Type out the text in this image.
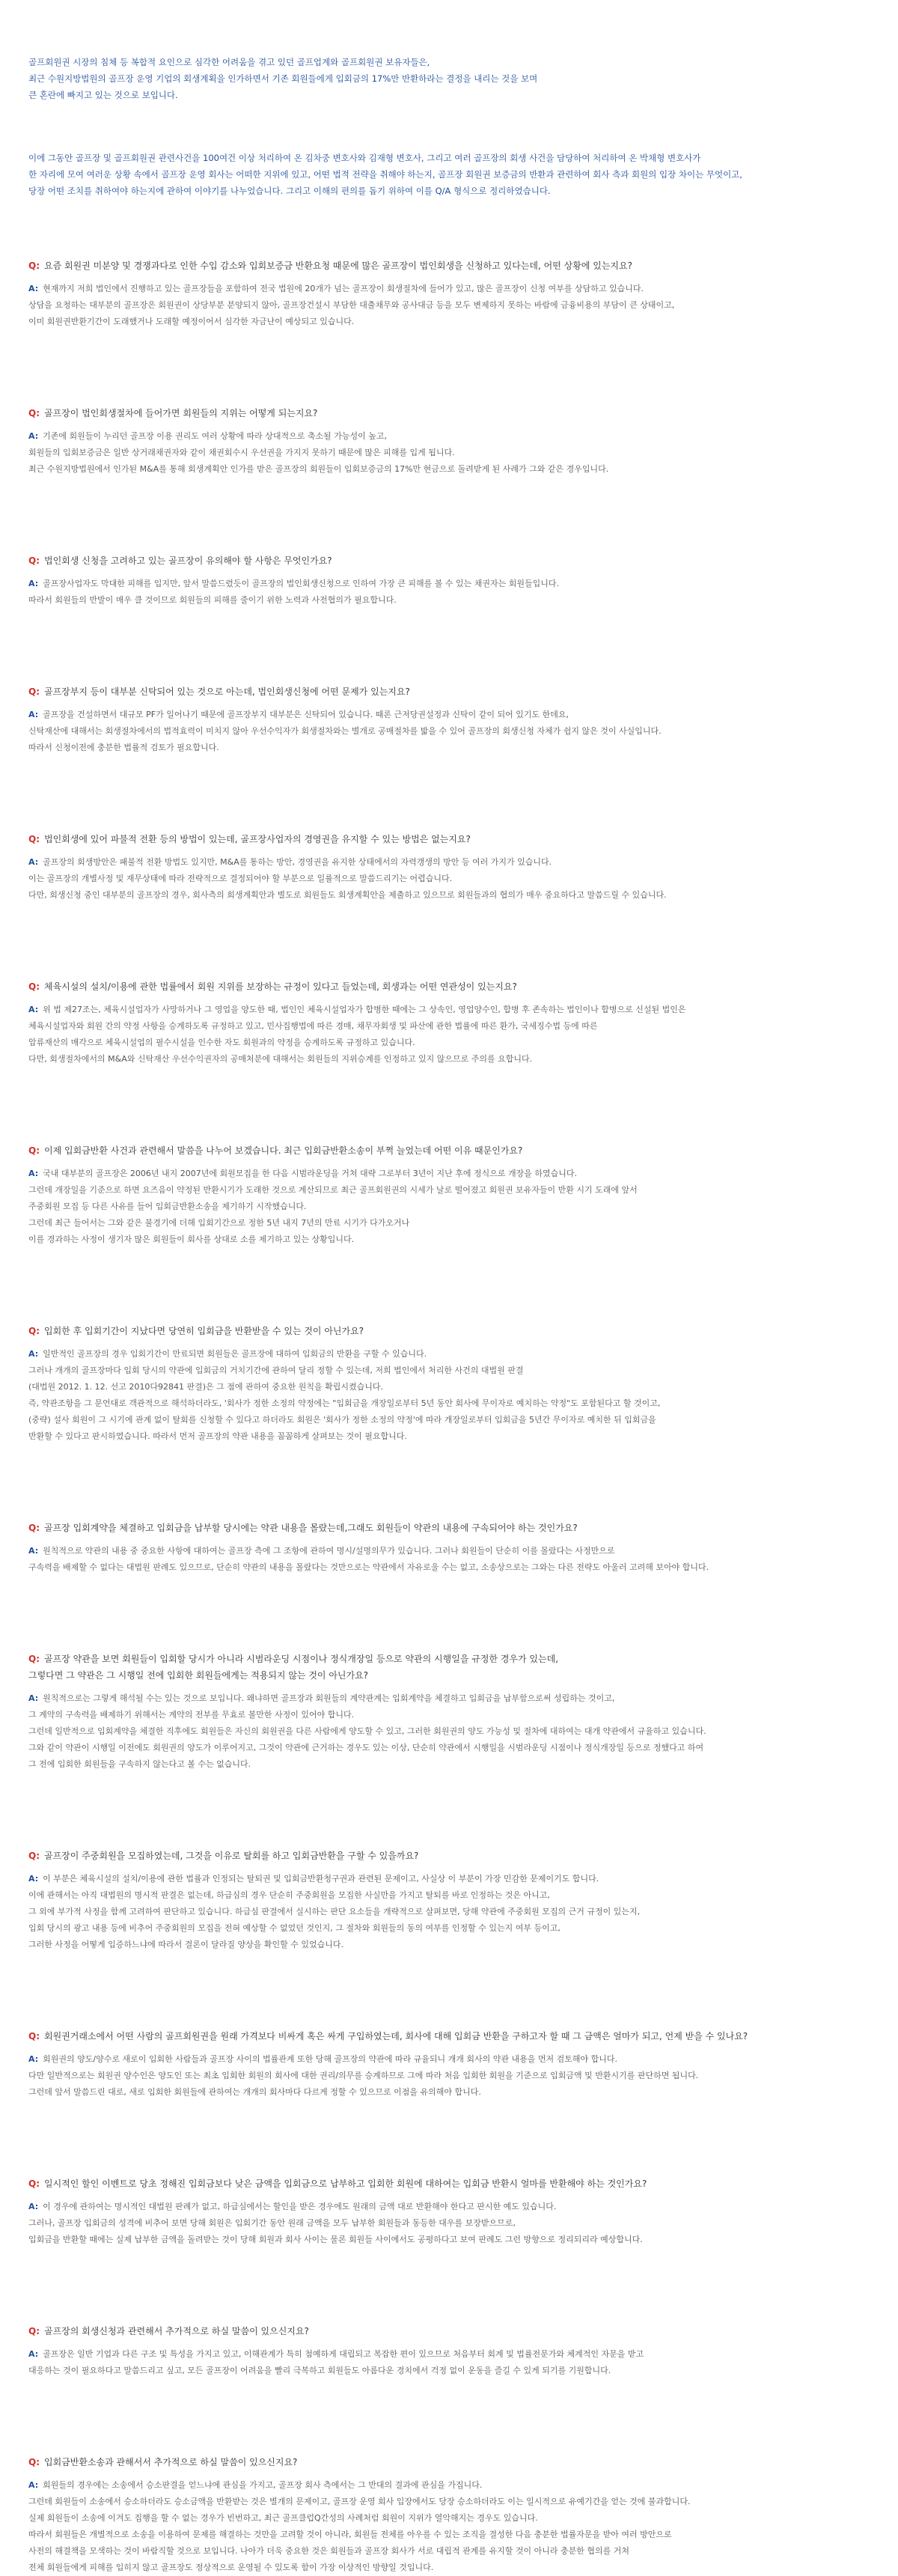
골프회원권 시장의 침체 등 복합적 요인으로 심각한 어려움을 겪고 있던 골프업계와 골프회원권 보유자들은,
최근 수원지방법원의 골프장 운영 기업의 회생계획을 인가하면서 기존 회원들에게 입회금의 17%만 반환하라는 결정을 내리는 것을 보며
큰 혼란에 빠지고 있는 것으로 보입니다.

이에 그동안 골프장 및 골프회원권 관련사건을 100여건 이상 처리하여 온 김차중 변호사와 김재형 변호사, 그리고 여러 골프장의 회생 사건을 담당하여 처리하여 온 박채형 변호사가
한 자리에 모여 여러운 상황 속에서 골프장 운영 회사는 어떠한 지위에 있고, 어떤 법적 전략을 취해야 하는지, 골프장 회원권 보증금의 반환과 관련하여 회사 측과 회원의 입장 차이는 무엇이고,
당장 어떤 조치를 취하여야 하는지에 관하여 이야기를 나누었습니다. 그리고 이해의 편의를 돕기 위하여 이를 Q/A 형식으로 정리하였습니다.

Q: 요즘 회원권 미분양 및 경쟁과다로 인한 수입 감소와 입회보증금 반환요청 때문에 많은 골프장이 법인회생을 신청하고 있다는데, 어떤 상황에 있는지요?

A: 현재까지 저희 법인에서 진행하고 있는 골프장들을 포함하여 전국 법원에 20개가 넘는 골프장이 회생절차에 들어가 있고, 많은 골프장이 신청 여부를 상담하고 있습니다.
상담을 요청하는 대부분의 골프장은 회원권이 상당부분 분양되지 않아, 골프장건설시 부담한 대출채무와 공사대금 등을 모두 변제하지 못하는 바람에 금융비용의 부담이 큰 상태이고,
이미 회원권반환기간이 도래했거나 도래할 예정이어서 심각한 자금난이 예상되고 있습니다.

Q: 골프장이 법인회생절차에 들어가면 회원들의 지위는 어떻게 되는지요?

A: 기존에 회원들이 누리던 골프장 이용 권리도 여러 상황에 따라 상대적으로 축소될 가능성이 높고,
회원들의 입회보증금은 일반 상거래채권자와 같이 채권회수시 우선권을 가지지 못하기 때문에 많은 피해를 입게 됩니다.
최근 수원지방법원에서 인가된 M&A를 통해 회생계획안 인가를 받은 골프장의 회원들이 입회보증금의 17%만 현금으로 돌려받게 된 사례가 그와 같은 경우입니다.

Q: 법인회생 신청을 고려하고 있는 골프장이 유의해야 할 사항은 무엇인가요?

A: 골프장사업자도 막대한 피해를 입지만, 앞서 말씀드렸듯이 골프장의 법인회생신청으로 인하여 가장 큰 피해를 볼 수 있는 채권자는 회원들입니다.
따라서 회원들의 반발이 매우 클 것이므로 회원들의 피해를 줄이기 위한 노력과 사전협의가 필요합니다.

Q: 골프장부지 등이 대부분 신탁되어 있는 것으로 아는데, 법인회생신청에 어떤 문제가 있는지요?

A: 골프장을 건설하면서 대규모 PF가 일어나기 때문에 골프장부지 대부분은 신탁되어 있습니다. 때론 근저당권설정과 신탁이 같이 되어 있기도 한데요,
신탁재산에 대해서는 회생절차에서의 법적효력이 미치지 않아 우선수익자가 회생절차와는 별개로 공매절차를 밟을 수 있어 골프장의 회생신청 자체가 쉽지 않은 것이 사실입니다.
따라서 신청이전에 충분한 법률적 검토가 필요합니다.

Q: 법인회생에 있어 파불적 전환 등의 방법이 있는데, 골프장사업자의 경영권을 유지할 수 있는 방법은 없는지요?

A: 골프장의 회생방안은 패불적 전환 방법도 있지만, M&A를 통하는 방안, 경영권을 유지한 상태에서의 자력갱생의 방안 등 여러 가지가 있습니다.
이는 골프장의 개별사정 및 재무상태에 따라 전략적으로 결정되어야 할 부분으로 일률적으로 말씀드리기는 어렵습니다.
다만, 회생신청 중인 대부분의 골프장의 경우, 회사측의 회생계획안과 별도로 회원들도 회생계획안을 제출하고 있으므로 회원들과의 협의가 매우 중요하다고 말씀드릴 수 있습니다.

Q: 체육시설의 설치/이용에 관한 법률에서 회원 지위를 보장하는 규정이 있다고 들었는데, 회생과는 어떤 연관성이 있는지요?

A: 위 법 제27조는, 체육시설업자가 사망하거나 그 영업을 양도한 때, 법인인 체육시설업자가 합병한 때에는 그 상속인, 영업양수인, 합병 후 존속하는 법인이나 합병으로 신설된 법인은
체육시설업자와 회원 간의 약정 사항을 승계하도록 규정하고 있고, 민사집행법에 따른 경매, 채무자회생 및 파산에 관한 법률에 따른 환가, 국세징수법 등에 따른
압류재산의 매각으로 체육시설업의 필수시설을 인수한 자도 회원과의 약정을 승계하도록 규정하고 있습니다.
다만, 회생절차에서의 M&A와 신탁재산 우선수익권자의 공매처분에 대해서는 회원들의 지위승계를 인정하고 있지 않으므로 주의를 요합니다.

Q: 이제 입회금반환 사건과 관련해서 말씀을 나누어 보겠습니다. 최근 입회금반환소송이 부쩍 늘었는데 어떤 이유 때문인가요?

A: 국내 대부분의 골프장은 2006년 내지 2007년에 회원모집을 한 다음 시범라운딩을 거쳐 대략 그로부터 3년이 지난 후에 정식으로 개장을 하였습니다.
그런데 개장일을 기준으로 하면 요즈음이 약정된 반환시기가 도래한 것으로 계산되므로 최근 골프회원권의 시세가 날로 떨어졌고 회원권 보유자들이 반환 시기 도래에 앞서
주중회원 모집 등 다른 사유를 들어 입회금반환소송을 제기하기 시작했습니다.
그런데 최근 들어서는 그와 같은 불경기에 더해 입회기간으로 정한 5년 내지 7년의 만료 시기가 다가오거나
이를 경과하는 사정이 생기자 많은 회원들이 회사를 상대로 소를 제기하고 있는 상황입니다.

Q: 입회한 후 입회기간이 지났다면 당연히 입회금을 반환받을 수 있는 것이 아닌가요?

A: 일반적인 골프장의 경우 입회기간이 만료되면 회원들은 골프장에 대하여 입회금의 반환을 구할 수 있습니다.
그러나 개개의 골프장마다 입회 당시의 약관에 입회금의 거치기간에 관하여 달리 정할 수 있는데, 저희 법인에서 처리한 사건의 대법원 판결
(대법원 2012. 1. 12. 선고 2010다92841 판결)은 그 점에 관하여 중요한 원칙을 확립시켰습니다.
즉, 약관조항을 그 문언대로 객관적으로 해석하더라도, '회사가 정한 소정의 약정에는 "입회금을 개장일로부터 5년 동안 회사에 무이자로 예치하는 약정"도 포함된다고 할 것이고,
(중략) 설사 회원이 그 시기에 관계 없이 탈회를 신청할 수 있다고 하더라도 회원은 '회사가 정한 소정의 약정'에 따라 개장일로부터 입회금을 5년간 무이자로 예치한 뒤 입회금을
반환할 수 있다고 판시하였습니다. 따라서 먼저 골프장의 약관 내용을 꼼꼼하게 살펴보는 것이 필요합니다.

Q: 골프장 입회계약을 체결하고 입회금을 납부할 당시에는 약관 내용을 몰랐는데,그래도 회원들이 약관의 내용에 구속되어야 하는 것인가요?

A: 원칙적으로 약관의 내용 중 중요한 사항에 대하여는 골프장 측에 그 조항에 관하여 명시/설명의무가 있습니다. 그러나 회원들이 단순히 이를 몰랐다는 사정만으로
구속력을 배제할 수 없다는 대법원 판례도 있으므로, 단순히 약관의 내용을 몰랐다는 것만으로는 약관에서 자유로울 수는 없고, 소송상으로는 그와는 다른 전략도 아울러 고려해 보아야 합니다.

Q: 골프장 약관을 보면 회원들이 입회할 당시가 아니라 시범라운딩 시점이나 정식개장일 등으로 약관의 시행일을 규정한 경우가 있는데,
그렇다면 그 약관은 그 시행일 전에 입회한 회원들에게는 적용되지 않는 것이 아닌가요?

A: 원칙적으로는 그렇게 해석될 수는 있는 것으로 보입니다. 왜냐하면 골프장과 회원들의 계약관계는 입회계약을 체결하고 입회금을 납부함으로써 성립하는 것이고,
그 계약의 구속력을 배제하기 위해서는 계약의 전부를 무효로 볼만한 사정이 있어야 합니다.
그런데 일반적으로 입회계약을 체결한 직후에도 회원들은 자신의 회원권을 다른 사람에게 양도할 수 있고, 그러한 회원권의 양도 가능성 및 절차에 대하여는 대개 약관에서 규율하고 있습니다.
그와 같이 약관이 시행일 이전에도 회원권의 양도가 이루어지고, 그것이 약관에 근거하는 경우도 있는 이상, 단순히 약관에서 시행일을 시범라운딩 시점이나 정식개장일 등으로 정했다고 하여
그 전에 입회한 회원들을 구속하지 않는다고 볼 수는 없습니다.

Q: 골프장이 주중회원을 모집하였는데, 그것을 이유로 탈회를 하고 입회금반환을 구할 수 있을까요?

A: 이 부분은 체육시설의 설치/이용에 관한 법률과 인정되는 탈퇴권 및 입회금반환청구권과 관련된 문제이고, 사실상 이 부분이 가장 민감한 문제이기도 합니다.
이에 관해서는 아직 대법원의 명시적 판결은 없는데, 하급심의 경우 단순히 주중회원을 모집한 사실만을 가지고 탈퇴를 바로 인정하는 것은 아니고,
그 외에 부가적 사정을 함께 고려하여 판단하고 있습니다. 하급심 판결에서 실시하는 판단 요소들을 개략적으로 살펴보면, 당해 약관에 주중회원 모집의 근거 규정이 있는지,
입회 당시의 광고 내용 등에 비추어 주중회원의 모집을 전혀 예상할 수 없었던 것인지, 그 절차와 회원들의 동의 여부를 인정할 수 있는지 여부 등이고,
그러한 사정을 어떻게 입증하느냐에 따라서 결론이 달라질 양상을 확인할 수 있었습니다.

Q: 회원권거래소에서 어떤 사람의 골프회원권을 원래 가격보다 비싸게 혹은 싸게 구입하였는데, 회사에 대해 입회금 반환을 구하고자 할 때 그 금액은 얼마가 되고, 언제 받을 수 있나요?

A: 회원권의 양도/양수로 새로이 입회한 사람들과 골프장 사이의 법률관계 또한 당해 골프장의 약관에 따라 규율되니 개개 회사의 약관 내용을 먼저 검토해야 합니다.
다만 일반적으로는 회원권 양수인은 양도인 또는 최초 입회한 회원의 회사에 대한 권리/의무를 승계하므로 그에 따라 처음 입회한 회원을 기준으로 입회금액 및 반환시기를 판단하면 됩니다.
그런데 앞서 말씀드린 대로, 새로 입회한 회원들에 관하여는 개개의 회사마다 다르게 정할 수 있으므로 이점을 유의해야 합니다.

Q: 일시적인 할인 이벤트로 당초 정해진 입회금보다 낮은 금액을 입회금으로 납부하고 입회한 회원에 대하여는 입회금 반환시 얼마를 반환해야 하는 것인가요?

A: 이 경우에 관하여는 명시적인 대법원 판례가 없고, 하급심에서는 할인을 받은 경우에도 원래의 금액 대로 반환해야 한다고 판시한 예도 있습니다.
그러나, 골프장 입회금의 성격에 비추어 보면 당해 회원은 입회기간 동안 원래 금액을 모두 납부한 회원들과 동등한 대우를 보장받으므로,
입회금을 반환할 때에는 실제 납부한 금액을 돌려받는 것이 당해 회원과 회사 사이는 물론 회원들 사이에서도 공평하다고 보여 판례도 그런 방향으로 정리되리라 예상합니다.

Q: 골프장의 회생신청과 관련해서 추가적으로 하실 말씀이 있으신지요?

A: 골프장은 일반 기업과 다른 구조 및 특성을 가지고 있고, 이해관계가 특히 첨예하게 대립되고 복잡한 편이 있으므로 처음부터 회계 및 법률전문가와 체계적인 자문을 받고
대응하는 것이 필요하다고 말씀드리고 싶고, 모든 골프장이 어려움을 빨리 극복하고 회원들도 아름다운 경치에서 걱정 없이 운동을 즐길 수 있게 되기를 기원합니다.

Q: 입회금반환소송과 관해서서 추가적으로 하실 말씀이 있으신지요?

A: 회원들의 경우에는 소송에서 승소판결을 얻느냐에 관심을 가지고, 골프장 회사 측에서는 그 반대의 결과에 관심을 가집니다.
그런데 회원들이 소송에서 승소하더라도 승소금액을 반환받는 것은 별개의 문제이고, 골프장 운영 회사 입장에서도 당장 승소하더라도 이는 일시적으로 유예기간을 얻는 것에 불과합니다.
실제 회원들이 소송에 이겨도 집행을 할 수 없는 경우가 빈번하고, 최근 골프클럽Q간성의 사례처럼 회원이 지위가 열악해지는 경우도 있습니다.
따라서 회원들은 개별적으로 소송을 이용하여 문제를 해결하는 것만을 고려할 것이 아니라, 회원들 전체를 아우를 수 있는 조직을 결성한 다음 충분한 법률자문을 받아 여러 방안으로
사전의 해결책을 모색하는 것이 바람직할 것으로 보입니다. 나아가 더욱 중요한 것은 회원들과 골프장 회사가 서로 대립적 관계를 유지할 것이 아니라 충분한 협의를 거쳐
전체 회원들에게 피해를 입히지 않고 골프장도 정상적으로 운영될 수 있도록 함이 가장 이상적인 방향일 것입니다.
